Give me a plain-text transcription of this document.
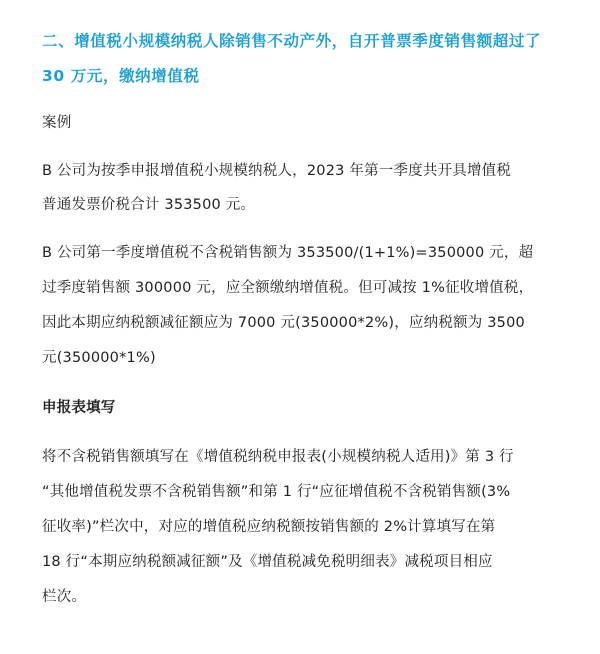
二、增值税小规模纳税人除销售不动产外，自开普票季度销售额超过了
30 万元，缴纳增值税
案例
B 公司为按季申报增值税小规模纳税人，2023 年第一季度共开具增值税
普通发票价税合计 353500 元。
B 公司第一季度增值税不含税销售额为 353500/(1+1%)=350000 元，超
过季度销售额 300000 元，应全额缴纳增值税。但可减按 1%征收增值税，
因此本期应纳税额减征额应为 7000 元(350000*2%)，应纳税额为 3500
元(350000*1%)
申报表填写
将不含税销售额填写在《增值税纳税申报表(小规模纳税人适用)》第 3 行
“其他增值税发票不含税销售额”和第 1 行“应征增值税不含税销售额(3%
征收率)”栏次中，对应的增值税应纳税额按销售额的 2%计算填写在第
18 行“本期应纳税额减征额”及《增值税减免税明细表》减税项目相应
栏次。
